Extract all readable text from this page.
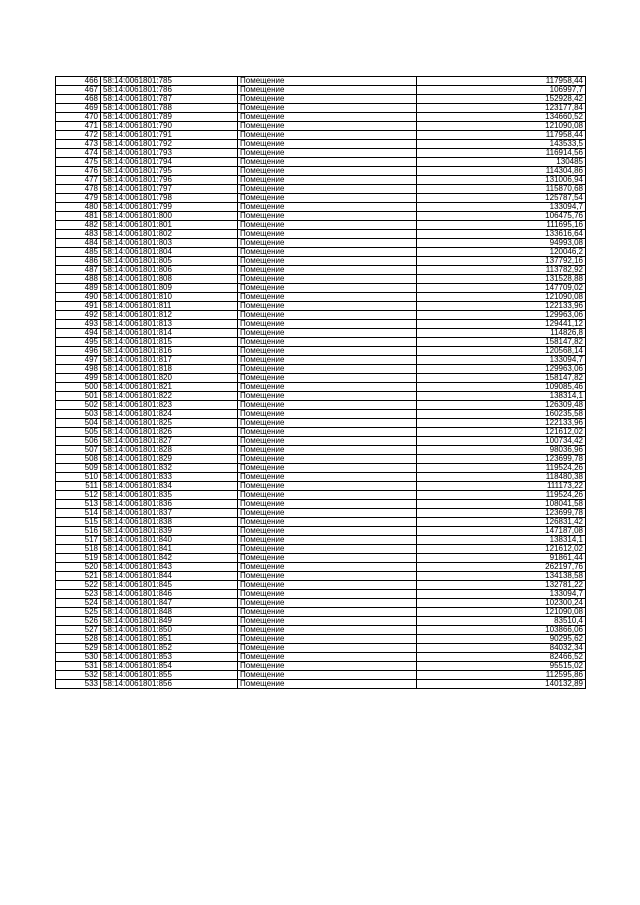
466	58:14:0061801:785	Помещение	117958,44
467	58:14:0061801:786	Помещение	106997,7
468	58:14:0061801:787	Помещение	152928,42
469	58:14:0061801:788	Помещение	123177,84
470	58:14:0061801:789	Помещение	134660,52
471	58:14:0061801:790	Помещение	121090,08
472	58:14:0061801:791	Помещение	117958,44
473	58:14:0061801:792	Помещение	143533,5
474	58:14:0061801:793	Помещение	116914,56
475	58:14:0061801:794	Помещение	130485
476	58:14:0061801:795	Помещение	114304,86
477	58:14:0061801:796	Помещение	131006,94
478	58:14:0061801:797	Помещение	115870,68
479	58:14:0061801:798	Помещение	125787,54
480	58:14:0061801:799	Помещение	133094,7
481	58:14:0061801:800	Помещение	106475,76
482	58:14:0061801:801	Помещение	111695,16
483	58:14:0061801:802	Помещение	133616,64
484	58:14:0061801:803	Помещение	94993,08
485	58:14:0061801:804	Помещение	120046,2
486	58:14:0061801:805	Помещение	137792,16
487	58:14:0061801:806	Помещение	113782,92
488	58:14:0061801:808	Помещение	131528,88
489	58:14:0061801:809	Помещение	147709,02
490	58:14:0061801:810	Помещение	121090,08
491	58:14:0061801:811	Помещение	122133,96
492	58:14:0061801:812	Помещение	129963,06
493	58:14:0061801:813	Помещение	129441,12
494	58:14:0061801:814	Помещение	114826,8
495	58:14:0061801:815	Помещение	158147,82
496	58:14:0061801:816	Помещение	120568,14
497	58:14:0061801:817	Помещение	133094,7
498	58:14:0061801:818	Помещение	129963,06
499	58:14:0061801:820	Помещение	158147,82
500	58:14:0061801:821	Помещение	109085,46
501	58:14:0061801:822	Помещение	138314,1
502	58:14:0061801:823	Помещение	126309,48
503	58:14:0061801:824	Помещение	160235,58
504	58:14:0061801:825	Помещение	122133,96
505	58:14:0061801:826	Помещение	121612,02
506	58:14:0061801:827	Помещение	100734,42
507	58:14:0061801:828	Помещение	98036,96
508	58:14:0061801:829	Помещение	123699,78
509	58:14:0061801:832	Помещение	119524,26
510	58:14:0061801:833	Помещение	118480,38
511	58:14:0061801:834	Помещение	111173,22
512	58:14:0061801:835	Помещение	119524,26
513	58:14:0061801:836	Помещение	108041,58
514	58:14:0061801:837	Помещение	123699,78
515	58:14:0061801:838	Помещение	126831,42
516	58:14:0061801:839	Помещение	147187,08
517	58:14:0061801:840	Помещение	138314,1
518	58:14:0061801:841	Помещение	121612,02
519	58:14:0061801:842	Помещение	91861,44
520	58:14:0061801:843	Помещение	262197,76
521	58:14:0061801:844	Помещение	134138,58
522	58:14:0061801:845	Помещение	132781,22
523	58:14:0061801:846	Помещение	133094,7
524	58:14:0061801:847	Помещение	102300,24
525	58:14:0061801:848	Помещение	121090,08
526	58:14:0061801:849	Помещение	83510,4
527	58:14:0061801:850	Помещение	103866,06
528	58:14:0061801:851	Помещение	90295,62
529	58:14:0061801:852	Помещение	84032,34
530	58:14:0061801:853	Помещение	82466,52
531	58:14:0061801:854	Помещение	95515,02
532	58:14:0061801:855	Помещение	112595,86
533	58:14:0061801:856	Помещение	140132,89
